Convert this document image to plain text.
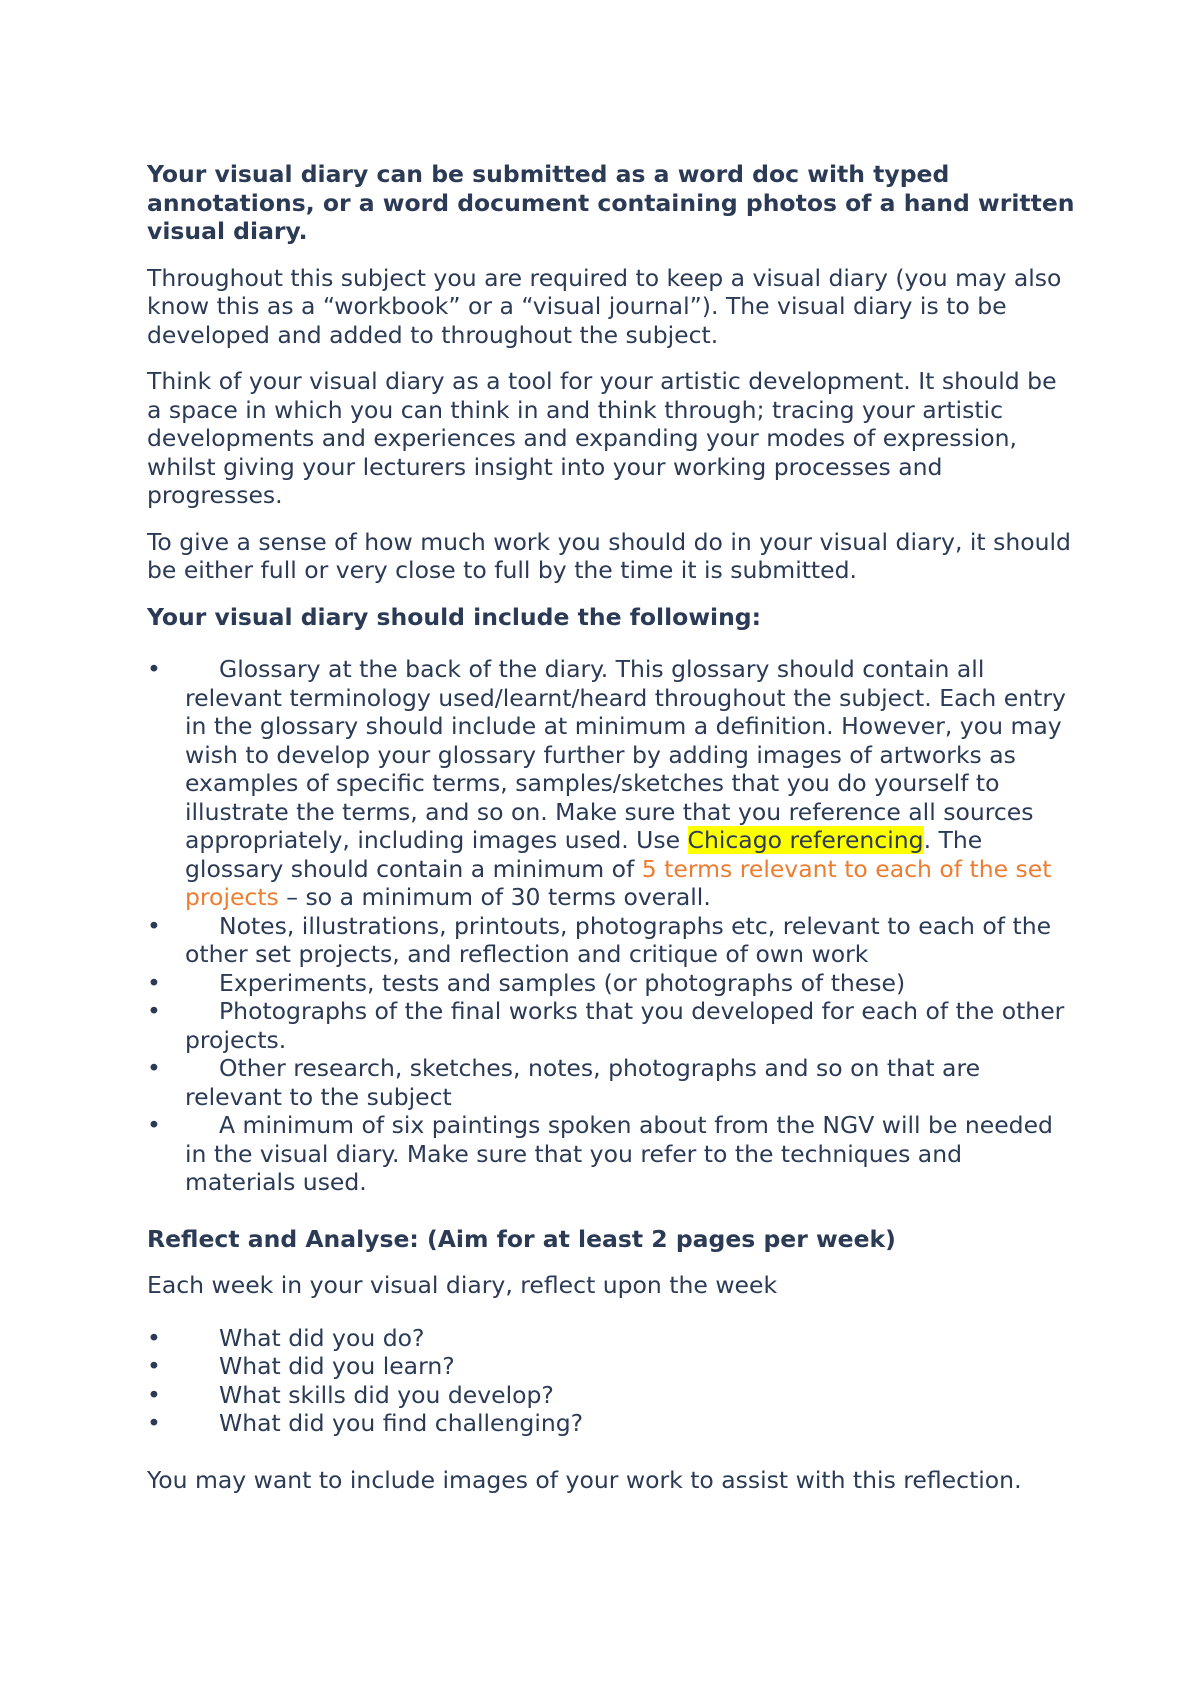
Your visual diary can be submitted as a word doc with typed annotations, or a word document containing photos of a hand written visual diary.

Throughout this subject you are required to keep a visual diary (you may also know this as a “workbook” or a “visual journal”). The visual diary is to be developed and added to throughout the subject.

Think of your visual diary as a tool for your artistic development. It should be a space in which you can think in and think through; tracing your artistic developments and experiences and expanding your modes of expression, whilst giving your lecturers insight into your working processes and progresses.

To give a sense of how much work you should do in your visual diary, it should be either full or very close to full by the time it is submitted.

Your visual diary should include the following:
•	Glossary at the back of the diary. This glossary should contain all relevant terminology used/learnt/heard throughout the subject. Each entry in the glossary should include at minimum a definition. However, you may wish to develop your glossary further by adding images of artworks as examples of specific terms, samples/sketches that you do yourself to illustrate the terms, and so on. Make sure that you reference all sources appropriately, including images used. Use Chicago referencing. The glossary should contain a minimum of 5 terms relevant to each of the set projects – so a minimum of 30 terms overall.
•	Notes, illustrations, printouts, photographs etc, relevant to each of the other set projects, and reflection and critique of own work
•	Experiments, tests and samples (or photographs of these)
•	Photographs of the final works that you developed for each of the other projects.
•	Other research, sketches, notes, photographs and so on that are relevant to the subject
•	A minimum of six paintings spoken about from the NGV will be needed in the visual diary. Make sure that you refer to the techniques and materials used.
Reflect and Analyse: (Aim for at least 2 pages per week)

Each week in your visual diary, reflect upon the week

•	What did you do?
•	What did you learn?
•	What skills did you develop?
•	What did you find challenging?

You may want to include images of your work to assist with this reflection.
